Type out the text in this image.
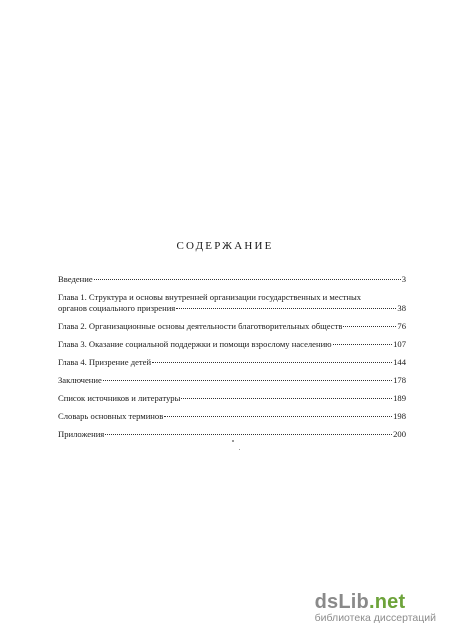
СОДЕРЖАНИЕ
Введение	3
Глава 1. Структура и основы внутренней организации государственных и местных
органов социального призрения	38
Глава 2. Организационные основы деятельности благотворительных обществ	76
Глава 3. Оказание социальной поддержки и помощи взрослому населению	107
Глава 4. Призрение детей	144
Заключение	178
Список источников и литературы	189
Словарь основных терминов	198
Приложения	200
dsLib.net
библиотека диссертаций
